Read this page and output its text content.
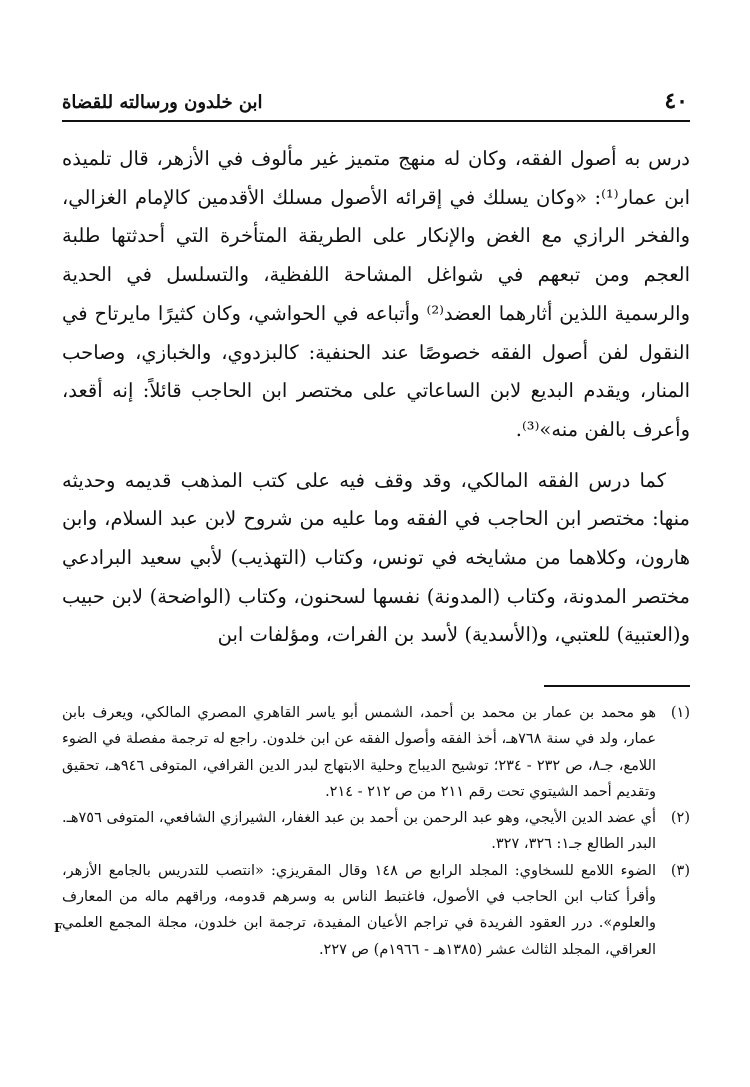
٤٠
ابن خلدون ورسالته للقضاة

درس به أصول الفقه، وكان له منهج متميز غير مألوف في الأزهر، قال تلميذه ابن عمار⁽¹⁾: «وكان يسلك في إقرائه الأصول مسلك الأقدمين كالإمام الغزالي، والفخر الرازي مع الغض والإنكار على الطريقة المتأخرة التي أحدثتها طلبة العجم ومن تبعهم في شواغل المشاحة اللفظية، والتسلسل في الحدية والرسمية اللذين أثارهما العضد⁽²⁾ وأتباعه في الحواشي، وكان كثيرًا مايرتاح في النقول لفن أصول الفقه خصوصًا عند الحنفية: كالبزدوي، والخبازي، وصاحب المنار، ويقدم البديع لابن الساعاتي على مختصر ابن الحاجب قائلاً: إنه أقعد، وأعرف بالفن منه»⁽³⁾.

كما درس الفقه المالكي، وقد وقف فيه على كتب المذهب قديمه وحديثه منها: مختصر ابن الحاجب في الفقه وما عليه من شروح لابن عبد السلام، وابن هارون، وكلاهما من مشايخه في تونس، وكتاب (التهذيب) لأبي سعيد البرادعي مختصر المدونة، وكتاب (المدونة) نفسها لسحنون، وكتاب (الواضحة) لابن حبيب و(العتبية) للعتبي، و(الأسدية) لأسد بن الفرات، ومؤلفات ابن

(١)
هو محمد بن عمار بن محمد بن أحمد، الشمس أبو ياسر القاهري المصري المالكي، ويعرف بابن عمار، ولد في سنة ٧٦٨هـ، أخذ الفقه وأصول الفقه عن ابن خلدون. راجع له ترجمة مفصلة في الضوء اللامع، جـ٨، ص ٢٣٢ - ٢٣٤؛ توشيح الديباج وحلية الابتهاج لبدر الدين القرافي، المتوفى ٩٤٦هـ، تحقيق وتقديم أحمد الشيتوي تحت رقم ٢١١ من ص ٢١٢ - ٢١٤.
(٢)
أي عضد الدين الأيجي، وهو عبد الرحمن بن أحمد بن عبد الغفار، الشيرازي الشافعي، المتوفى ٧٥٦هـ. البدر الطالع جـ١: ٣٢٦، ٣٢٧.
(٣)
الضوء اللامع للسخاوي: المجلد الرابع ص ١٤٨ وقال المقريزي: «انتصب للتدريس بالجامع الأزهر، وأقرأ كتاب ابن الحاجب في الأصول، فاغتبط الناس به وسرهم قدومه، وراقهم ماله من المعارف والعلوم». درر العقود الفريدة في تراجم الأعيان المفيدة، ترجمة ابن خلدون، مجلة المجمع العلمي العراقي، المجلد الثالث عشر (١٣٨٥هـ - ١٩٦٦م) ص ٢٢٧.
F
